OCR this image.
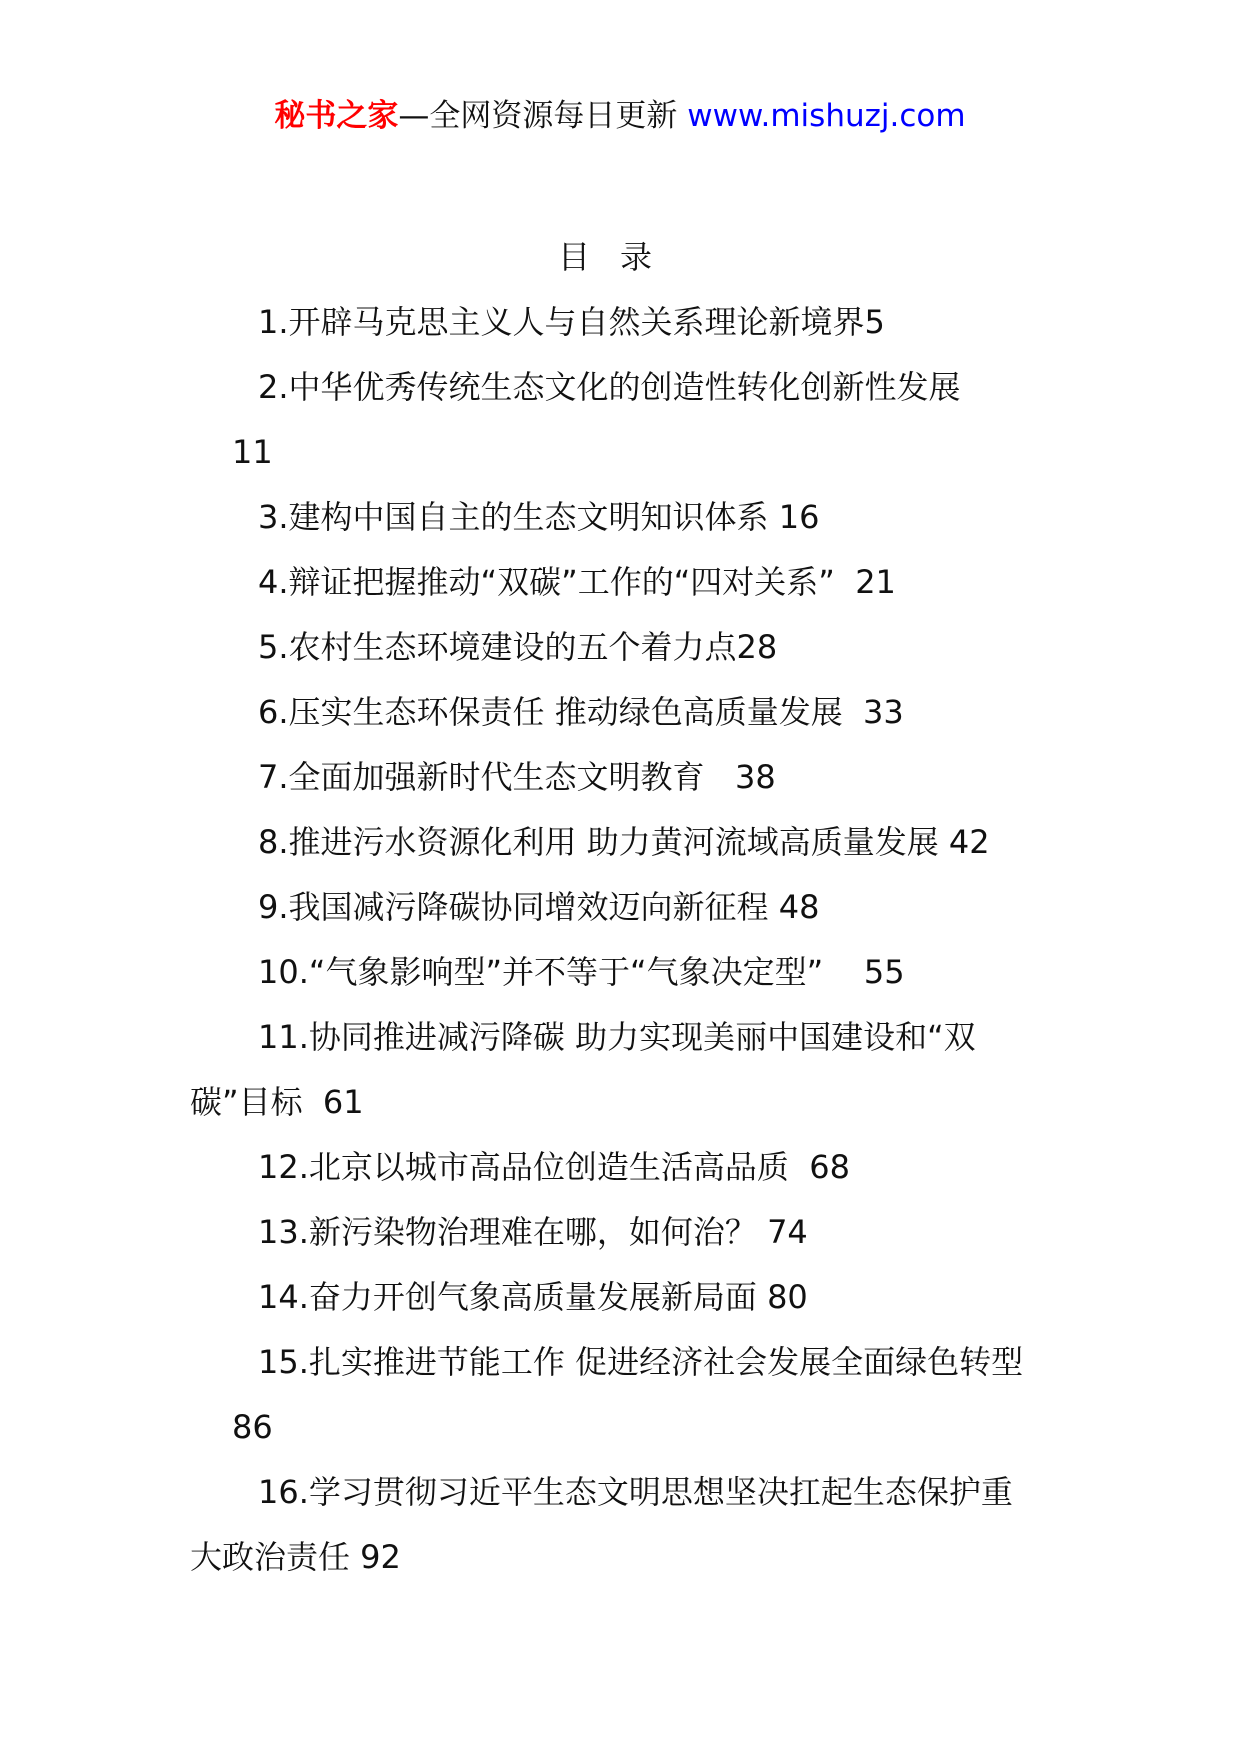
秘书之家—全网资源每日更新 www.mishuzj.com
目录
1.开辟马克思主义人与自然关系理论新境界5
2.中华优秀传统生态文化的创造性转化创新性发展
11
3.建构中国自主的生态文明知识体系 16
4.辩证把握推动“双碳”工作的“四对关系”  21
5.农村生态环境建设的五个着力点28
6.压实生态环保责任 推动绿色高质量发展  33
7.全面加强新时代生态文明教育   38
8.推进污水资源化利用 助力黄河流域高质量发展 42
9.我国减污降碳协同增效迈向新征程 48
10.“气象影响型”并不等于“气象决定型”    55
11.协同推进减污降碳 助力实现美丽中国建设和“双
碳”目标  61
12.北京以城市高品位创造生活高品质  68
13.新污染物治理难在哪，如何治？ 74
14.奋力开创气象高质量发展新局面 80
15.扎实推进节能工作 促进经济社会发展全面绿色转型
86
16.学习贯彻习近平生态文明思想坚决扛起生态保护重
大政治责任 92
